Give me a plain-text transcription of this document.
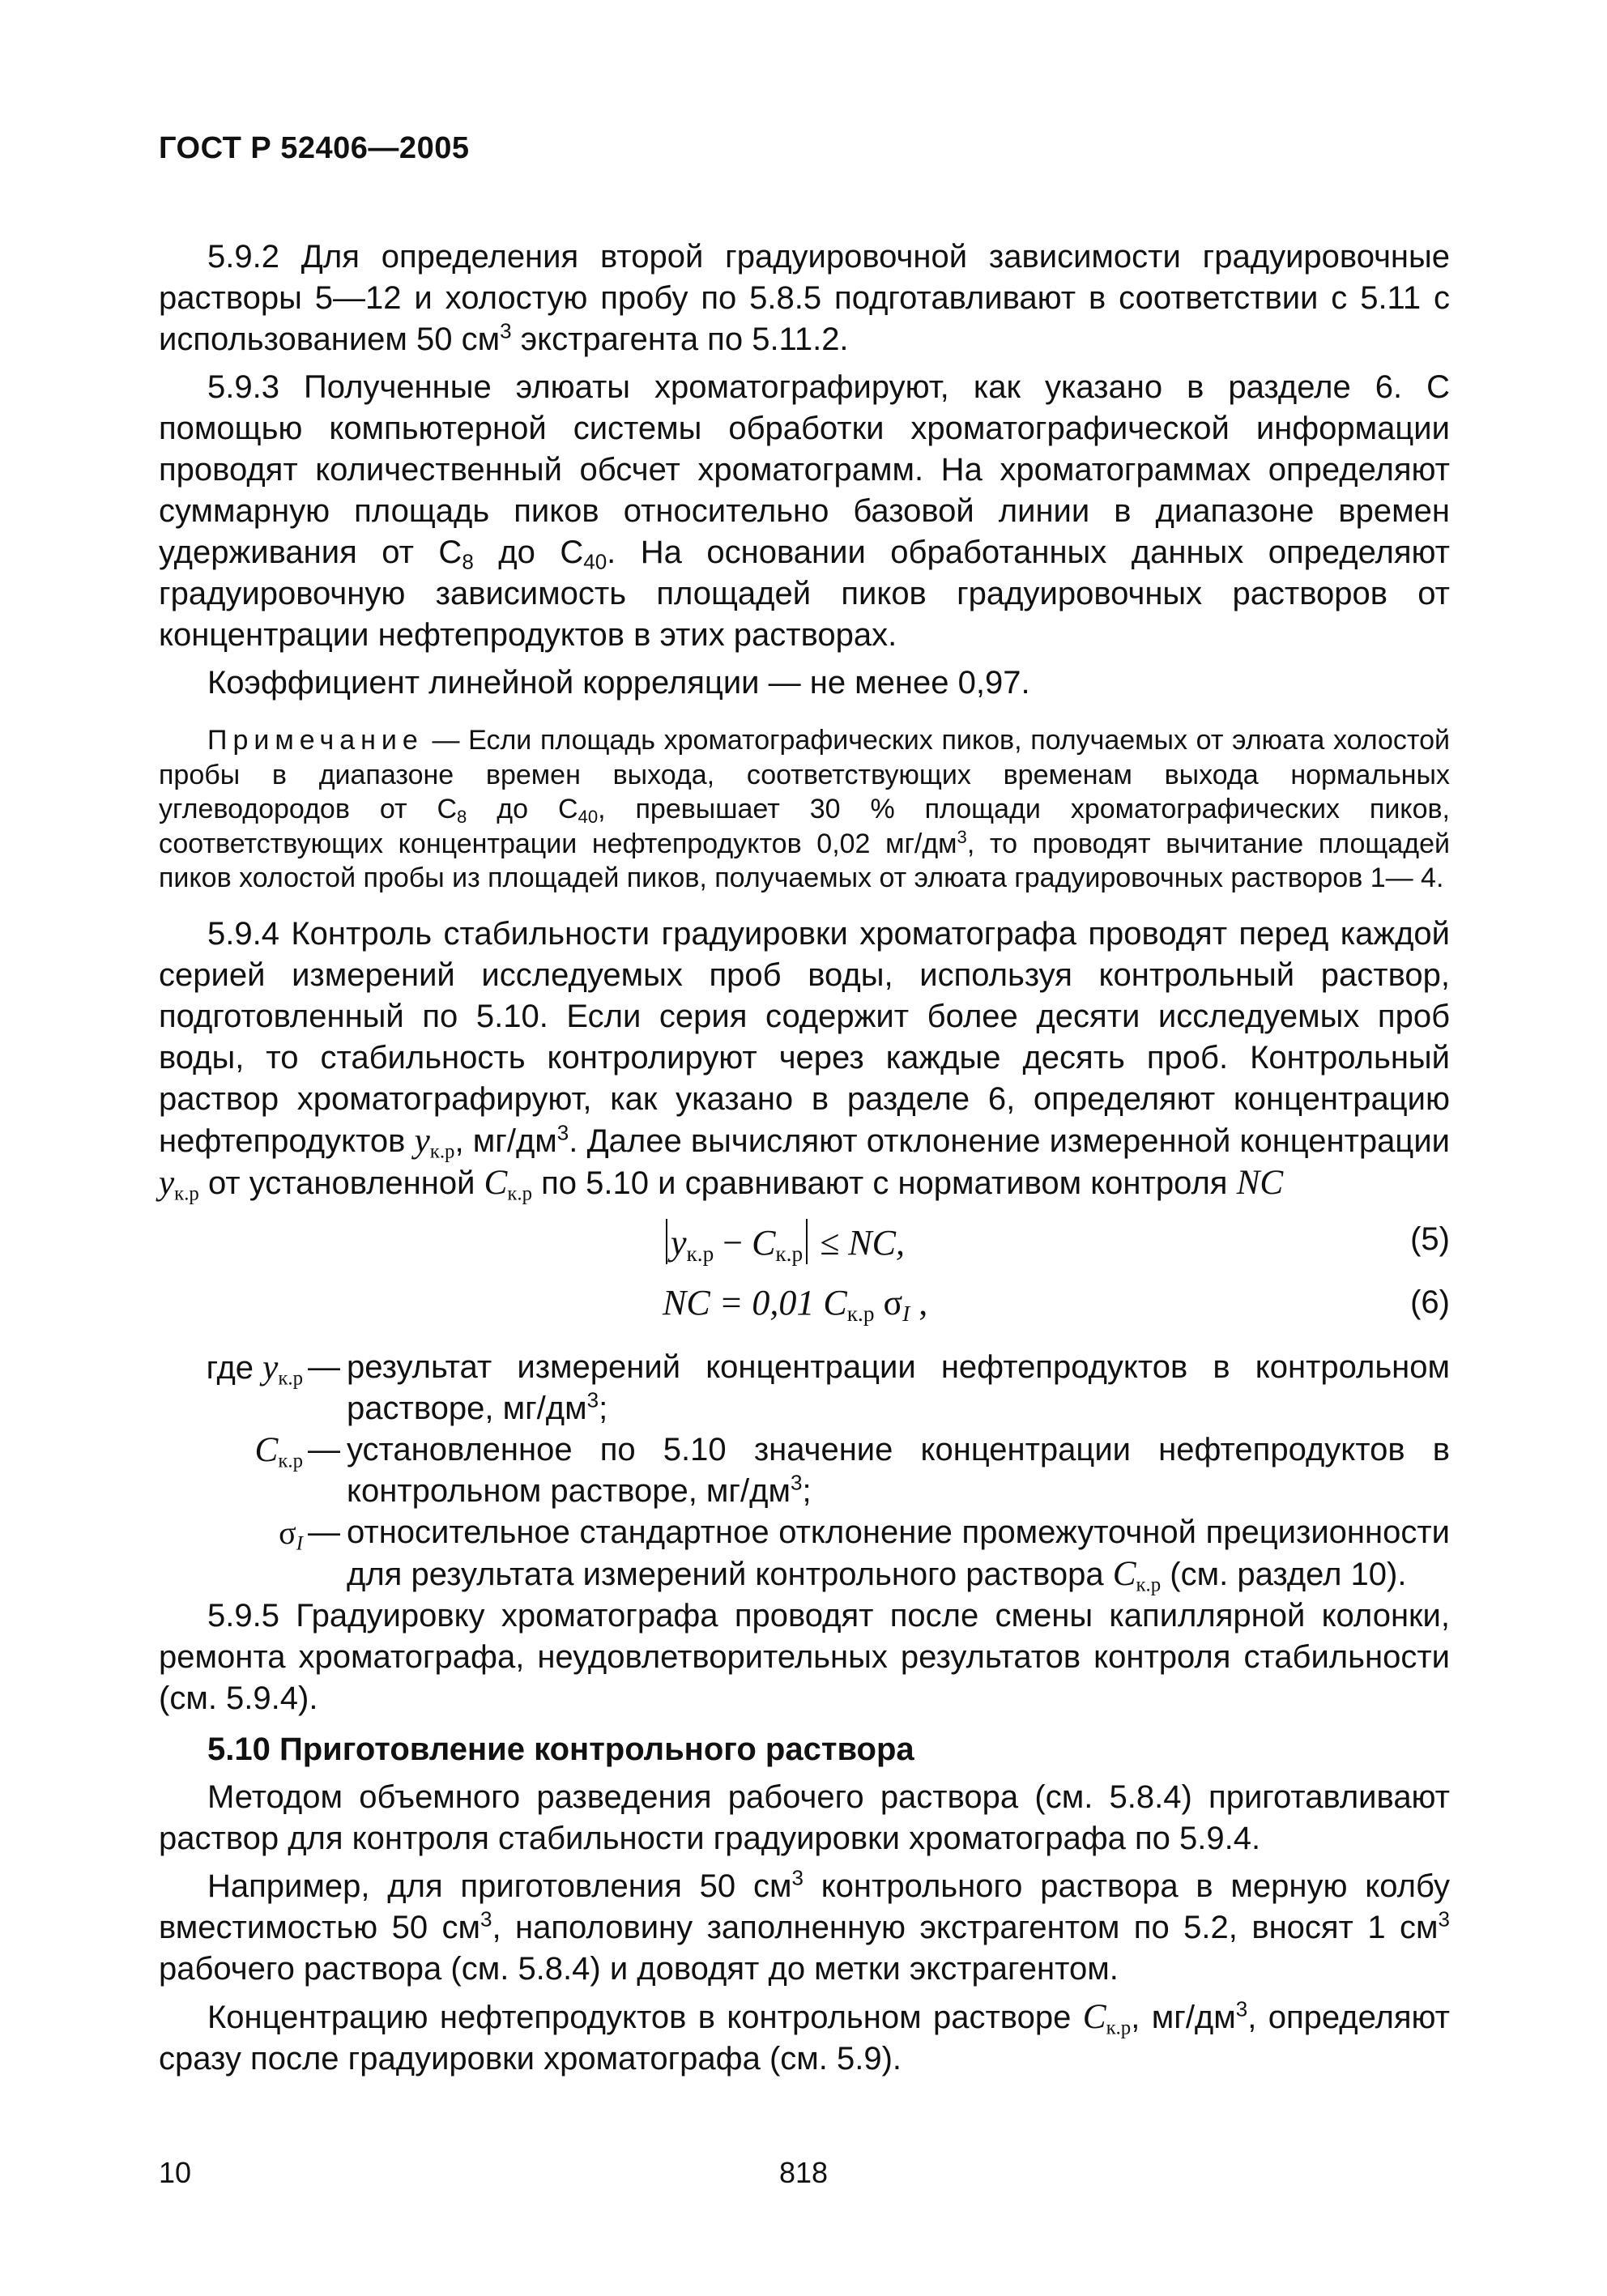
ГОСТ Р 52406—2005

5.9.2 Для определения второй градуировочной зависимости градуировочные растворы 5—12 и холостую пробу по 5.8.5 подготавливают в соответствии с 5.11 с использованием 50 $см^3$ экстрагента по 5.11.2.

5.9.3 Полученные элюаты хроматографируют, как указано в разделе 6. С помощью компьютерной системы обработки хроматографической информации проводят количественный обсчет хроматограмм. На хроматограммах определяют суммарную площадь пиков относительно базовой линии в диапазоне времен удерживания от $С_8$ до $С_{40}$. На основании обработанных данных определяют градуировочную зависимость площадей пиков градуировочных растворов от концентрации нефтепродуктов в этих растворах.

Коэффициент линейной корреляции — не менее 0,97.

Примечание — Если площадь хроматографических пиков, получаемых от элюата холостой пробы в диапазоне времен выхода, соответствующих временам выхода нормальных углеводородов от $С_8$ до $С_{40}$, превышает 30 % площади хроматографических пиков, соответствующих концентрации нефтепродуктов 0,02 $мг/дм^3$, то проводят вычитание площадей пиков холостой пробы из площадей пиков, получаемых от элюата градуировочных растворов 1— 4.

5.9.4 Контроль стабильности градуировки хроматографа проводят перед каждой серией измерений исследуемых проб воды, используя контрольный раствор, подготовленный по 5.10. Если серия содержит более десяти исследуемых проб воды, то стабильность контролируют через каждые десять проб. Контрольный раствор хроматографируют, как указано в разделе 6, определяют концентрацию нефтепродуктов yк.р, $мг/дм^3$. Далее вычисляют отклонение измеренной концентрации yк.р от установленной Cк.р по 5.10 и сравнивают с нормативом контроля NC

yк.р − Cк.р ≤ NC,	(5)
NC = 0,01 Cк.р σI ,	(6)
где yк.р — результат измерений концентрации нефтепродуктов в контрольном растворе, $мг/дм^3$;
Cк.р — установленное по 5.10 значение концентрации нефтепродуктов в контрольном растворе, $мг/дм^3$;
σI — относительное стандартное отклонение промежуточной прецизионности для результата измерений контрольного раствора Cк.р (см. раздел 10).

5.9.5 Градуировку хроматографа проводят после смены капиллярной колонки, ремонта хроматографа, неудовлетворительных результатов контроля стабильности (см. 5.9.4).

5.10 Приготовление контрольного раствора

Методом объемного разведения рабочего раствора (см. 5.8.4) приготавливают раствор для контроля стабильности градуировки хроматографа по 5.9.4.

Например, для приготовления 50 $см^3$ контрольного раствора в мерную колбу вместимостью 50 $см^3$, наполовину заполненную экстрагентом по 5.2, вносят 1 $см^3$ рабочего раствора (см. 5.8.4) и доводят до метки экстрагентом.

Концентрацию нефтепродуктов в контрольном растворе Cк.р, $мг/дм^3$, определяют сразу после градуировки хроматографа (см. 5.9).

10	818
